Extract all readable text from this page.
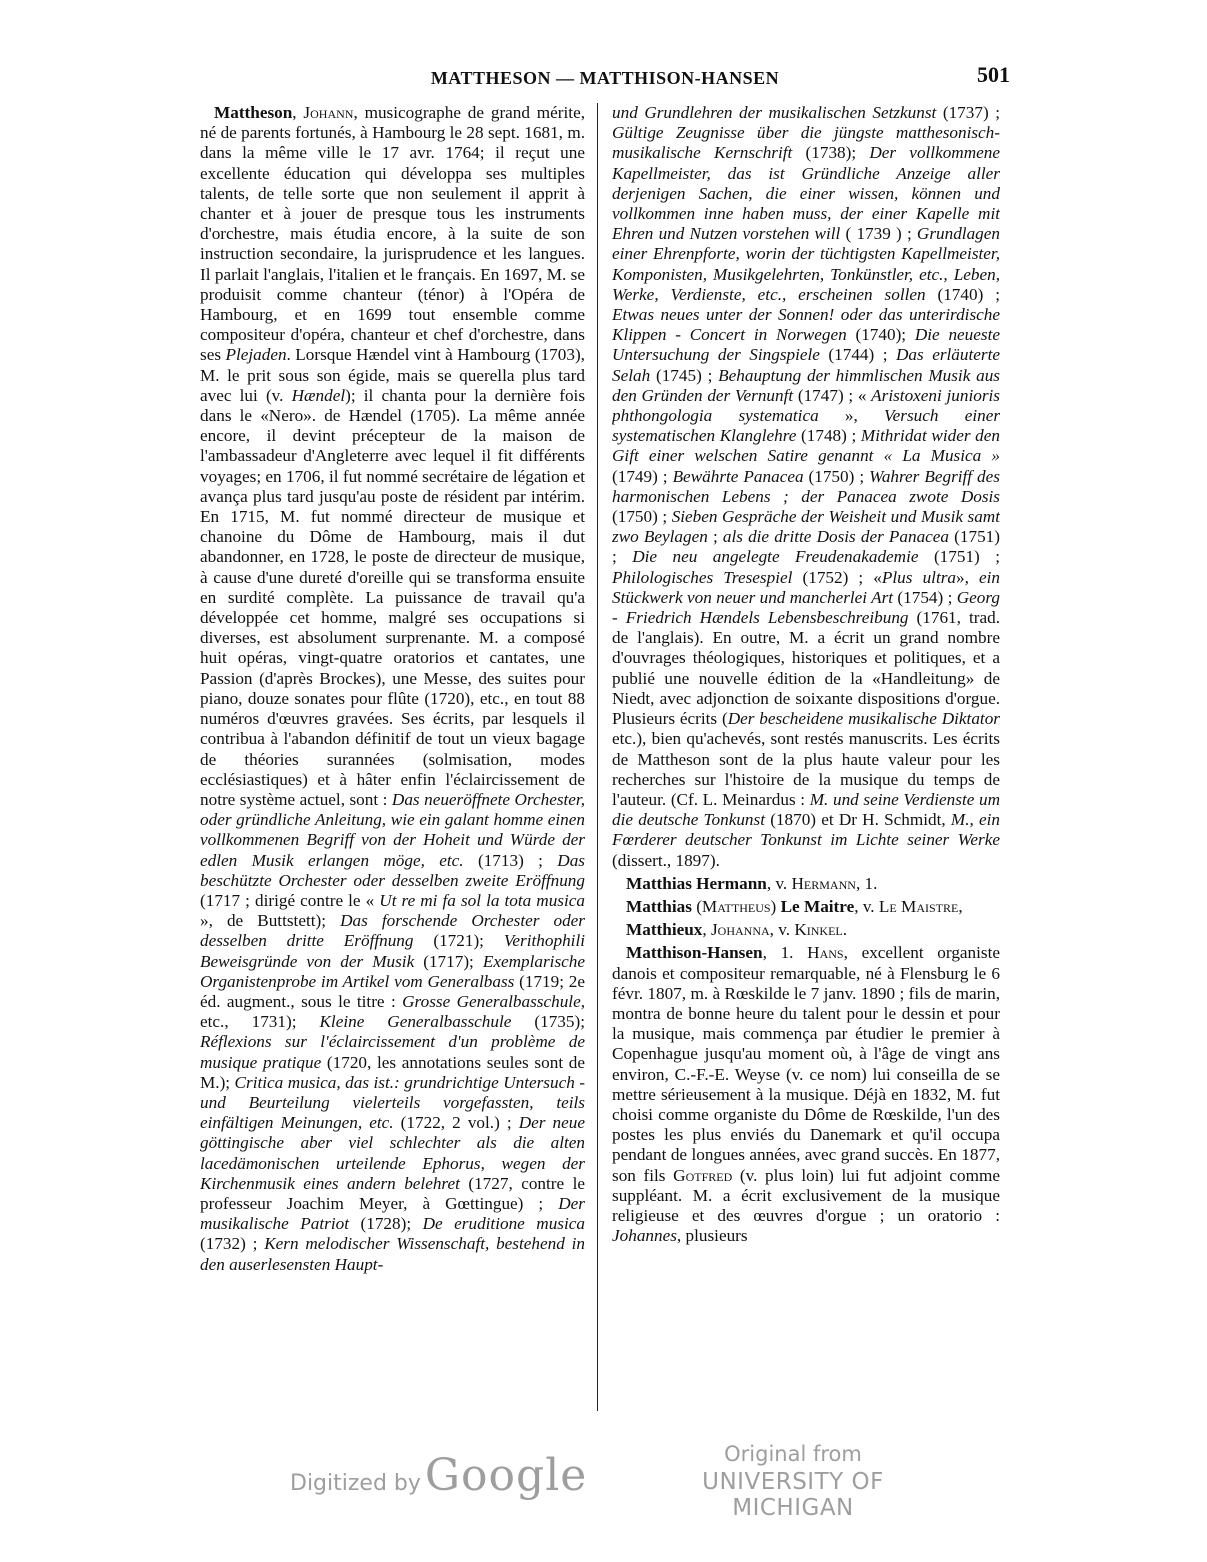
MATTHESON — MATTHISON-HANSEN	501

Mattheson, Johann, musicographe de grand mérite, né de parents fortunés, à Hambourg le 28 sept. 1681, m. dans la même ville le 17 avr. 1764; il reçut une excellente éducation qui développa ses multiples talents, de telle sorte que non seulement il apprit à chanter et à jouer de presque tous les instruments d'orchestre, mais étudia encore, à la suite de son instruction secondaire, la jurisprudence et les langues. Il parlait l'anglais, l'italien et le français. En 1697, M. se produisit comme chanteur (ténor) à l'Opéra de Hambourg, et en 1699 tout ensemble comme compositeur d'opéra, chanteur et chef d'orchestre, dans ses Plejaden. Lorsque Hændel vint à Hambourg (1703), M. le prit sous son égide, mais se querella plus tard avec lui (v. Hændel); il chanta pour la dernière fois dans le «Nero». de Hændel (1705). La même année encore, il devint précepteur de la maison de l'ambassadeur d'Angleterre avec lequel il fit différents voyages; en 1706, il fut nommé secrétaire de légation et avança plus tard jusqu'au poste de résident par intérim. En 1715, M. fut nommé directeur de musique et chanoine du Dôme de Hambourg, mais il dut abandonner, en 1728, le poste de directeur de musique, à cause d'une dureté d'oreille qui se transforma ensuite en surdité complète. La puissance de travail qu'a développée cet homme, malgré ses occupations si diverses, est absolument surprenante. M. a composé huit opéras, vingt-quatre oratorios et cantates, une Passion (d'après Brockes), une Messe, des suites pour piano, douze sonates pour flûte (1720), etc., en tout 88 numéros d'œuvres gravées. Ses écrits, par lesquels il contribua à l'abandon définitif de tout un vieux bagage de théories surannées (solmisation, modes ecclésiastiques) et à hâter enfin l'éclaircissement de notre système actuel, sont : Das neueröffnete Orchester, oder gründliche Anleitung, wie ein galant homme einen vollkommenen Begriff von der Hoheit und Würde der edlen Musik erlangen möge, etc. (1713) ; Das beschützte Orchester oder desselben zweite Eröffnung (1717 ; dirigé contre le « Ut re mi fa sol la tota musica », de Buttstett); Das forschende Orchester oder desselben dritte Eröffnung (1721); Verithophili Beweisgründe von der Musik (1717); Exemplarische Organistenprobe im Artikel vom Generalbass (1719; 2e éd. augment., sous le titre : Grosse Generalbasschule, etc., 1731); Kleine Generalbasschule (1735); Réflexions sur l'éclaircissement d'un problème de musique pratique (1720, les annotations seules sont de M.); Critica musica, das ist.: grundrichtige Untersuch - und Beurteilung vielerteils vorgefassten, teils einfältigen Meinungen, etc. (1722, 2 vol.) ; Der neue göttingische aber viel schlechter als die alten lacedämonischen urteilende Ephorus, wegen der Kirchenmusik eines andern belehret (1727, contre le professeur Joachim Meyer, à Gœttingue) ; Der musikalische Patriot (1728); De eruditione musica (1732) ; Kern melodischer Wissenschaft, bestehend in den auserlesensten Haupt-

und Grundlehren der musikalischen Setzkunst (1737) ; Gültige Zeugnisse über die jüngste matthesonisch-musikalische Kernschrift (1738); Der vollkommene Kapellmeister, das ist Gründliche Anzeige aller derjenigen Sachen, die einer wissen, können und vollkommen inne haben muss, der einer Kapelle mit Ehren und Nutzen vorstehen will ( 1739 ) ; Grundlagen einer Ehrenpforte, worin der tüchtigsten Kapellmeister, Komponisten, Musikgelehrten, Tonkünstler, etc., Leben, Werke, Verdienste, etc., erscheinen sollen (1740) ; Etwas neues unter der Sonnen! oder das unterirdische Klippen - Concert in Norwegen (1740); Die neueste Untersuchung der Singspiele (1744) ; Das erläuterte Selah (1745) ; Behauptung der himmlischen Musik aus den Gründen der Vernunft (1747) ; « Aristoxeni junioris phthongologia systematica », Versuch einer systematischen Klanglehre (1748) ; Mithridat wider den Gift einer welschen Satire genannt « La Musica » (1749) ; Bewährte Panacea (1750) ; Wahrer Begriff des harmonischen Lebens ; der Panacea zwote Dosis (1750) ; Sieben Gespräche der Weisheit und Musik samt zwo Beylagen ; als die dritte Dosis der Panacea (1751) ; Die neu angelegte Freudenakademie (1751) ; Philologisches Tresespiel (1752) ; «Plus ultra», ein Stückwerk von neuer und mancherlei Art (1754) ; Georg - Friedrich Hændels Lebensbeschreibung (1761, trad. de l'anglais). En outre, M. a écrit un grand nombre d'ouvrages théologiques, historiques et politiques, et a publié une nouvelle édition de la «Handleitung» de Niedt, avec adjonction de soixante dispositions d'orgue. Plusieurs écrits (Der bescheidene musikalische Diktator etc.), bien qu'achevés, sont restés manuscrits. Les écrits de Mattheson sont de la plus haute valeur pour les recherches sur l'histoire de la musique du temps de l'auteur. (Cf. L. Meinardus : M. und seine Verdienste um die deutsche Tonkunst (1870) et Dr H. Schmidt, M., ein Fœrderer deutscher Tonkunst im Lichte seiner Werke (dissert., 1897).

Matthias Hermann, v. Hermann, 1.

Matthias (Mattheus) Le Maitre, v. Le Maistre,

Matthieux, Johanna, v. Kinkel.

Matthison-Hansen, 1. Hans, excellent organiste danois et compositeur remarquable, né à Flensburg le 6 févr. 1807, m. à Rœskilde le 7 janv. 1890 ; fils de marin, montra de bonne heure du talent pour le dessin et pour la musique, mais commença par étudier le premier à Copenhague jusqu'au moment où, à l'âge de vingt ans environ, C.-F.-E. Weyse (v. ce nom) lui conseilla de se mettre sérieusement à la musique. Déjà en 1832, M. fut choisi comme organiste du Dôme de Rœskilde, l'un des postes les plus enviés du Danemark et qu'il occupa pendant de longues années, avec grand succès. En 1877, son fils Gotfred (v. plus loin) lui fut adjoint comme suppléant. M. a écrit exclusivement de la musique religieuse et des œuvres d'orgue ; un oratorio : Johannes, plusieurs

Digitized by Google	Original from
UNIVERSITY OF MICHIGAN
